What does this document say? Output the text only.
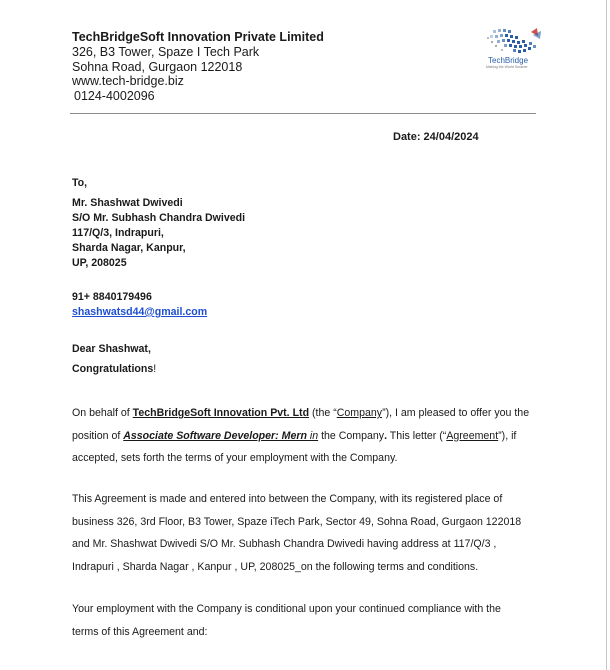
TechBridgeSoft Innovation Private Limited
326, B3 Tower, Spaze I Tech Park
Sohna Road, Gurgaon 122018
www.tech-bridge.biz
0124-4002096
TechBridge
Making the World Smarter
Date: 24/04/2024
To,
Mr. Shashwat Dwivedi
S/O Mr. Subhash Chandra Dwivedi
117/Q/3, Indrapuri,
Sharda Nagar, Kanpur,
UP, 208025
91+ 8840179496
shashwatsd44@gmail.com
Dear Shashwat,
Congratulations!
On behalf of TechBridgeSoft Innovation Pvt. Ltd (the “Company”), I am pleased to offer you the
position of Associate Software Developer: Mern in the Company. This letter (“Agreement”), if
accepted, sets forth the terms of your employment with the Company.
This Agreement is made and entered into between the Company, with its registered place of
business 326, 3rd Floor, B3 Tower, Spaze iTech Park, Sector 49, Sohna Road, Gurgaon 122018
and Mr. Shashwat Dwivedi S/O Mr. Subhash Chandra Dwivedi having address at 117/Q/3 ,
Indrapuri , Sharda Nagar , Kanpur , UP, 208025_on the following terms and conditions.
Your employment with the Company is conditional upon your continued compliance with the
terms of this Agreement and:
